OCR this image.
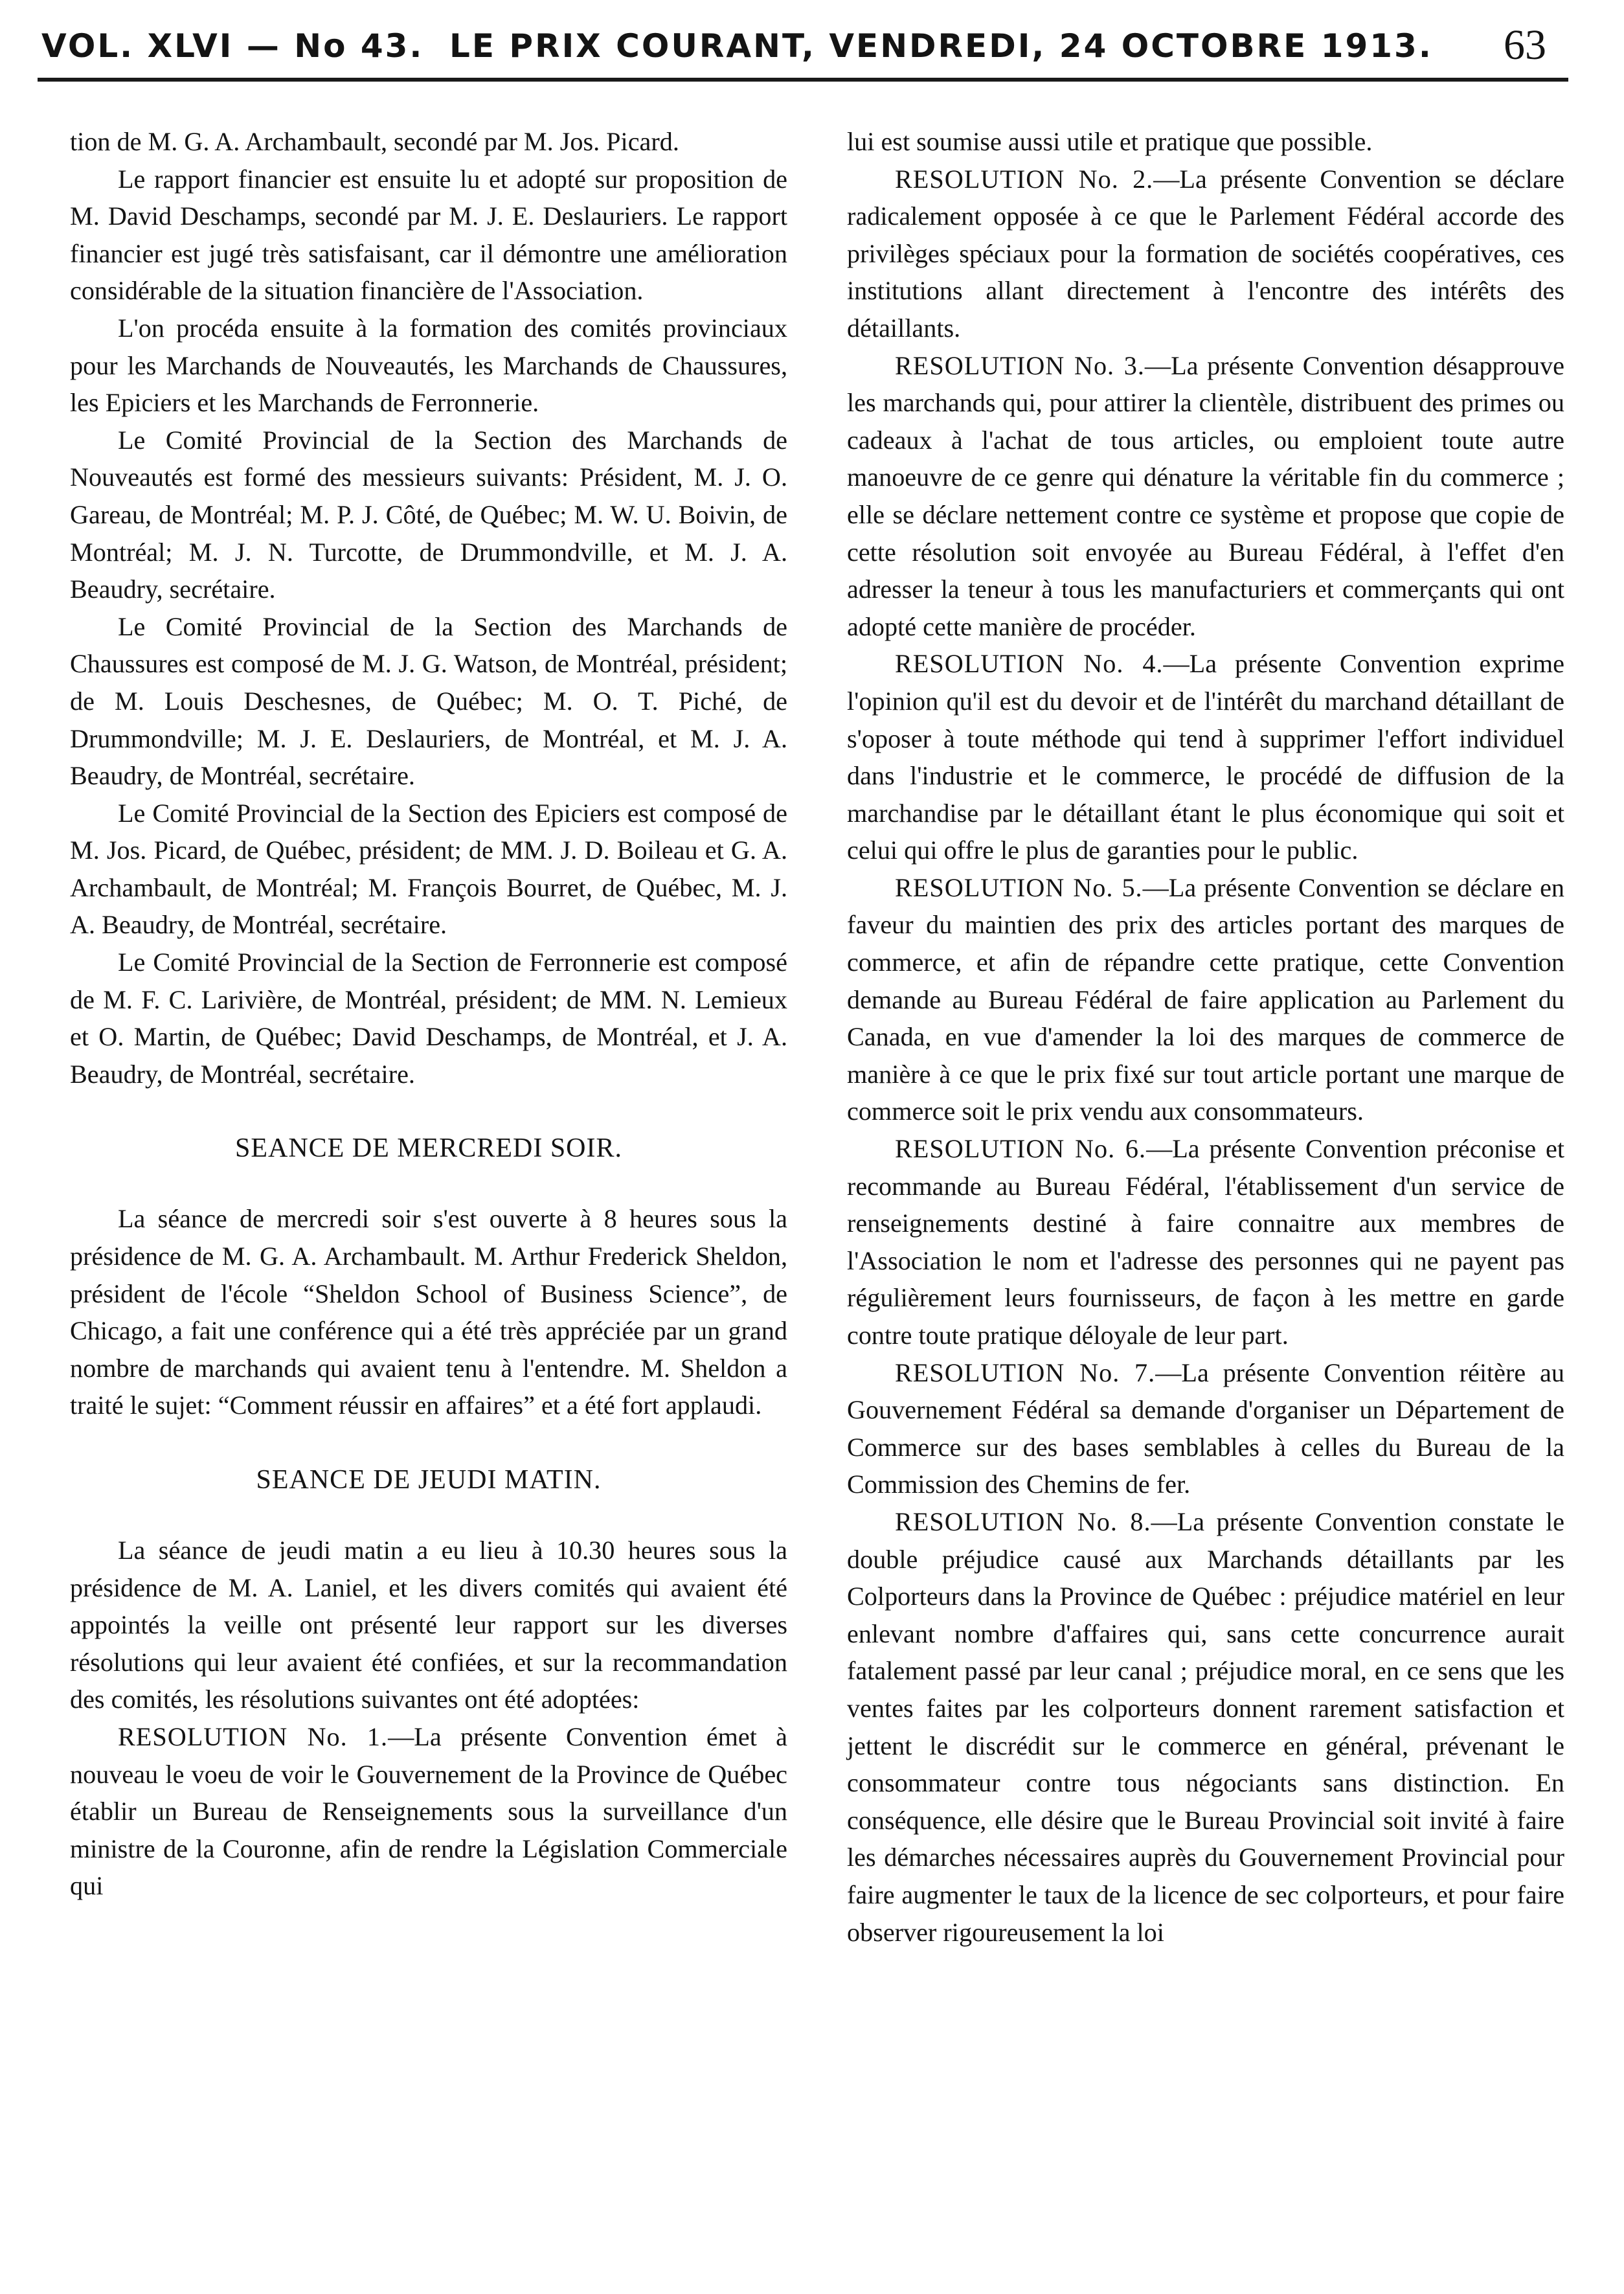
VOL. XLVI — No 43. LE PRIX COURANT, VENDREDI, 24 OCTOBRE 1913. 63

tion de M. G. A. Archambault, secondé par M. Jos. Picard.

Le rapport financier est ensuite lu et adopté sur proposition de M. David Deschamps, secondé par M. J. E. Deslauriers. Le rapport financier est jugé très satisfaisant, car il démontre une amélioration considérable de la situation financière de l'Association.

L'on procéda ensuite à la formation des comités provinciaux pour les Marchands de Nouveautés, les Marchands de Chaussures, les Epiciers et les Marchands de Ferronnerie.

Le Comité Provincial de la Section des Marchands de Nouveautés est formé des messieurs suivants: Président, M. J. O. Gareau, de Montréal; M. P. J. Côté, de Québec; M. W. U. Boivin, de Montréal; M. J. N. Turcotte, de Drummondville, et M. J. A. Beaudry, secrétaire.

Le Comité Provincial de la Section des Marchands de Chaussures est composé de M. J. G. Watson, de Montréal, président; de M. Louis Deschesnes, de Québec; M. O. T. Piché, de Drummondville; M. J. E. Deslauriers, de Montréal, et M. J. A. Beaudry, de Montréal, secrétaire.

Le Comité Provincial de la Section des Epiciers est composé de M. Jos. Picard, de Québec, président; de MM. J. D. Boileau et G. A. Archambault, de Montréal; M. François Bourret, de Québec, M. J. A. Beaudry, de Montréal, secrétaire.

Le Comité Provincial de la Section de Ferronnerie est composé de M. F. C. Larivière, de Montréal, président; de MM. N. Lemieux et O. Martin, de Québec; David Deschamps, de Montréal, et J. A. Beaudry, de Montréal, secrétaire.

SEANCE DE MERCREDI SOIR.

La séance de mercredi soir s'est ouverte à 8 heures sous la présidence de M. G. A. Archambault. M. Arthur Frederick Sheldon, président de l'école “Sheldon School of Business Science”, de Chicago, a fait une conférence qui a été très appréciée par un grand nombre de marchands qui avaient tenu à l'entendre. M. Sheldon a traité le sujet: “Comment réussir en affaires” et a été fort applaudi.

SEANCE DE JEUDI MATIN.

La séance de jeudi matin a eu lieu à 10.30 heures sous la présidence de M. A. Laniel, et les divers comités qui avaient été appointés la veille ont présenté leur rapport sur les diverses résolutions qui leur avaient été confiées, et sur la recommandation des comités, les résolutions suivantes ont été adoptées:

RESOLUTION No. 1.—La présente Convention émet à nouveau le voeu de voir le Gouvernement de la Province de Québec établir un Bureau de Renseignements sous la surveillance d'un ministre de la Couronne, afin de rendre la Législation Commerciale qui

lui est soumise aussi utile et pratique que possible.

RESOLUTION No. 2.—La présente Convention se déclare radicalement opposée à ce que le Parlement Fédéral accorde des privilèges spéciaux pour la formation de sociétés coopératives, ces institutions allant directement à l'encontre des intérêts des détaillants.

RESOLUTION No. 3.—La présente Convention désapprouve les marchands qui, pour attirer la clientèle, distribuent des primes ou cadeaux à l'achat de tous articles, ou emploient toute autre manoeuvre de ce genre qui dénature la véritable fin du commerce ; elle se déclare nettement contre ce système et propose que copie de cette résolution soit envoyée au Bureau Fédéral, à l'effet d'en adresser la teneur à tous les manufacturiers et commerçants qui ont adopté cette manière de procéder.

RESOLUTION No. 4.—La présente Convention exprime l'opinion qu'il est du devoir et de l'intérêt du marchand détaillant de s'oposer à toute méthode qui tend à supprimer l'effort individuel dans l'industrie et le commerce, le procédé de diffusion de la marchandise par le détaillant étant le plus économique qui soit et celui qui offre le plus de garanties pour le public.

RESOLUTION No. 5.—La présente Convention se déclare en faveur du maintien des prix des articles portant des marques de commerce, et afin de répandre cette pratique, cette Convention demande au Bureau Fédéral de faire application au Parlement du Canada, en vue d'amender la loi des marques de commerce de manière à ce que le prix fixé sur tout article portant une marque de commerce soit le prix vendu aux consommateurs.

RESOLUTION No. 6.—La présente Convention préconise et recommande au Bureau Fédéral, l'établissement d'un service de renseignements destiné à faire connaitre aux membres de l'Association le nom et l'adresse des personnes qui ne payent pas régulièrement leurs fournisseurs, de façon à les mettre en garde contre toute pratique déloyale de leur part.

RESOLUTION No. 7.—La présente Convention réitère au Gouvernement Fédéral sa demande d'organiser un Département de Commerce sur des bases semblables à celles du Bureau de la Commission des Chemins de fer.

RESOLUTION No. 8.—La présente Convention constate le double préjudice causé aux Marchands détaillants par les Colporteurs dans la Province de Québec : préjudice matériel en leur enlevant nombre d'affaires qui, sans cette concurrence aurait fatalement passé par leur canal ; préjudice moral, en ce sens que les ventes faites par les colporteurs donnent rarement satisfaction et jettent le discrédit sur le commerce en général, prévenant le consommateur contre tous négociants sans distinction. En conséquence, elle désire que le Bureau Provincial soit invité à faire les démarches nécessaires auprès du Gouvernement Provincial pour faire augmenter le taux de la licence de sec colporteurs, et pour faire observer rigoureusement la loi
